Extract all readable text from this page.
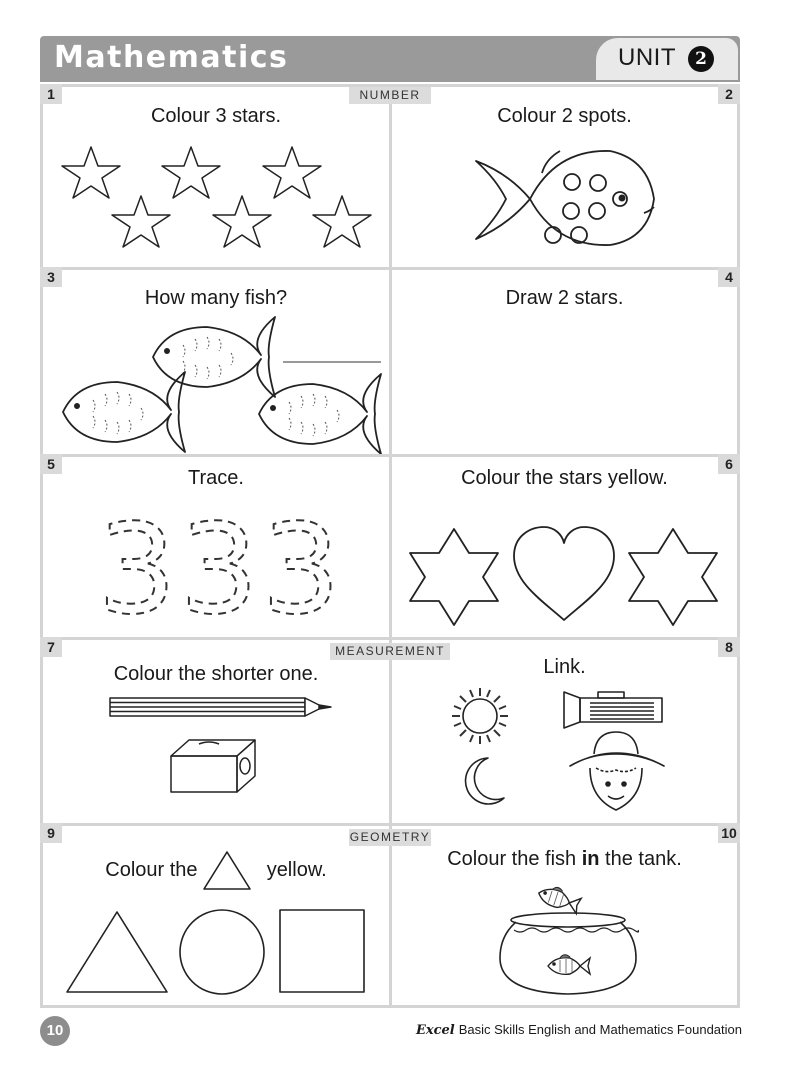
Mathematics	UNIT	2
1
Colour 3 stars.
2
Colour 2 spots.
3
How many fish?
4
Draw 2 stars.
5
Trace.
3 3 3
6
Colour the stars yellow.
7
Colour the shorter one.
8
Link.
9
Colour the	yellow.
10
Colour the fish in the tank.
NUMBER
MEASUREMENT
GEOMETRY
10	Excel Basic Skills English and Mathematics Foundation
